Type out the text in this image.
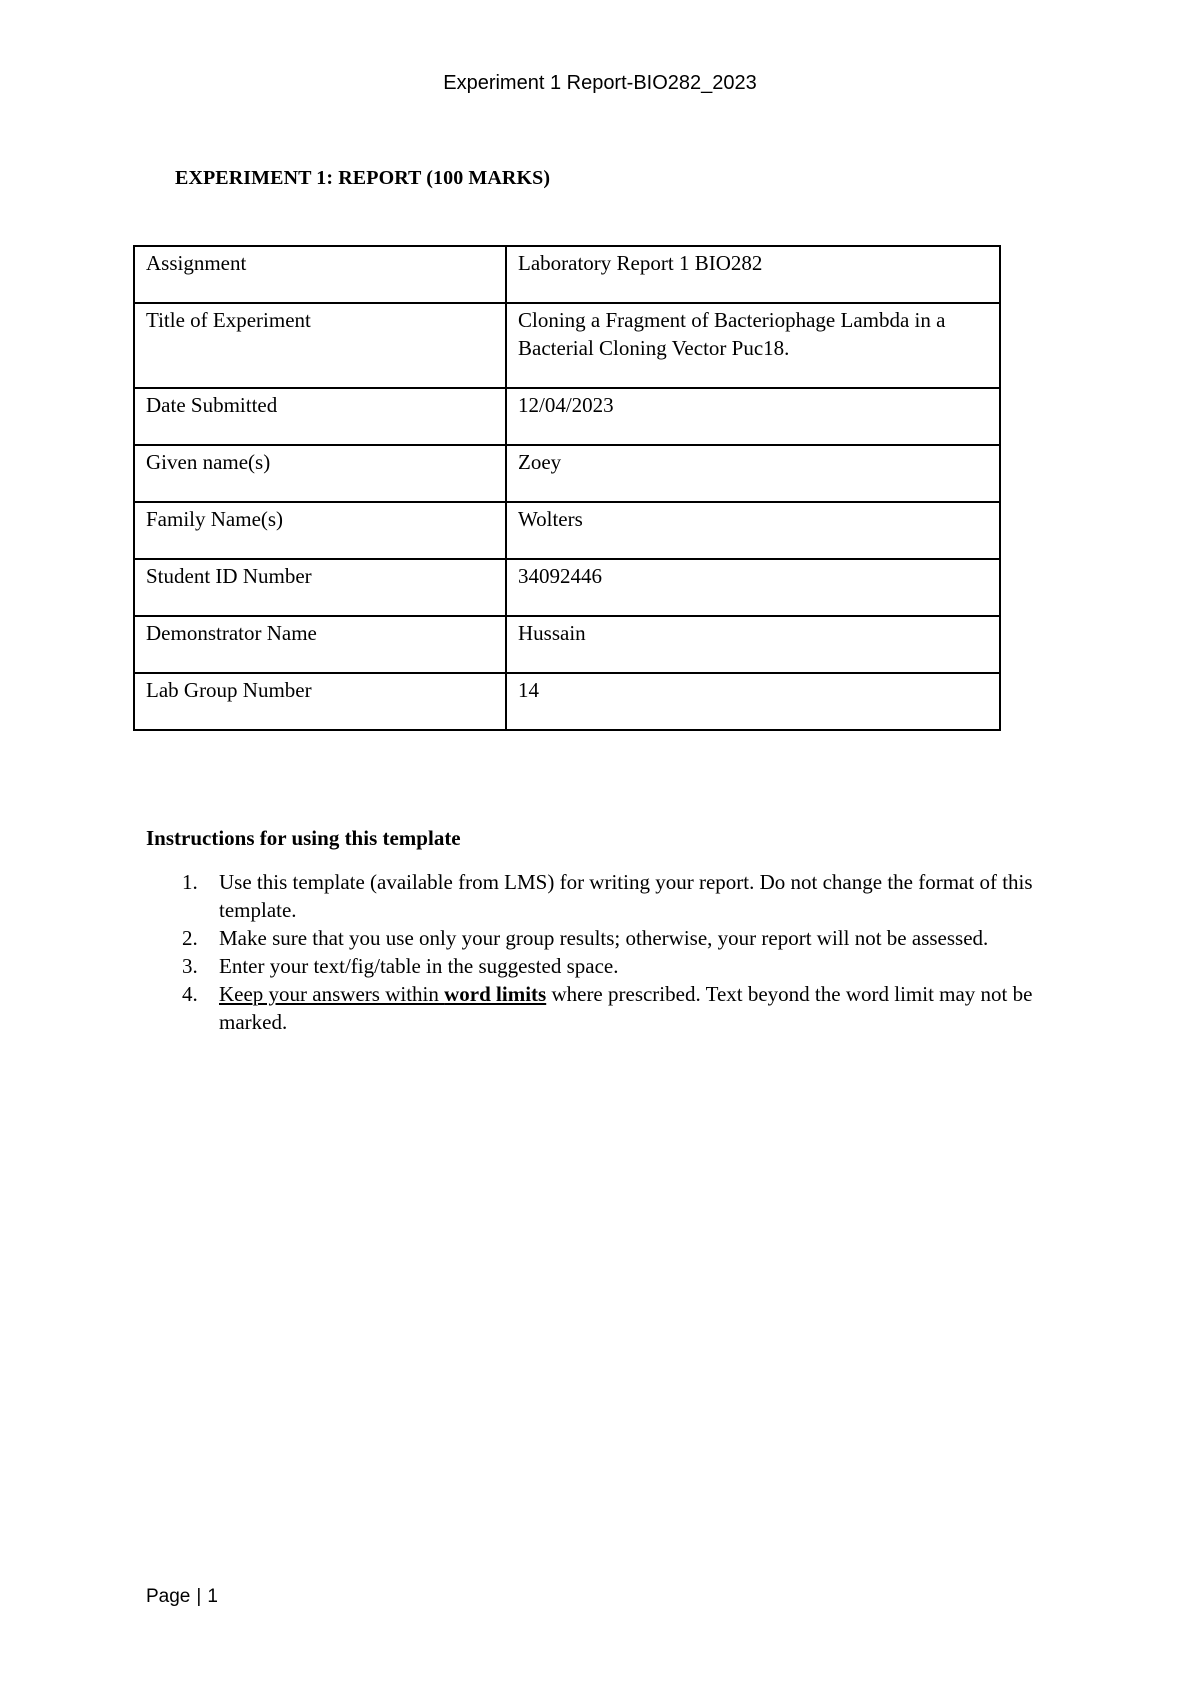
Experiment 1 Report-BIO282_2023
EXPERIMENT 1: REPORT (100 MARKS)
Assignment	Laboratory Report 1 BIO282
Title of Experiment	Cloning a Fragment of Bacteriophage Lambda in a Bacterial Cloning Vector Puc18.
Date Submitted	12/04/2023
Given name(s)	Zoey
Family Name(s)	Wolters
Student ID Number	34092446
Demonstrator Name	Hussain
Lab Group Number	14
Instructions for using this template
1. Use this template (available from LMS) for writing your report. Do not change the format of this template.
2. Make sure that you use only your group results; otherwise, your report will not be assessed.
3. Enter your text/fig/table in the suggested space.
4. Keep your answers within word limits where prescribed. Text beyond the word limit may not be marked.
Page | 1
